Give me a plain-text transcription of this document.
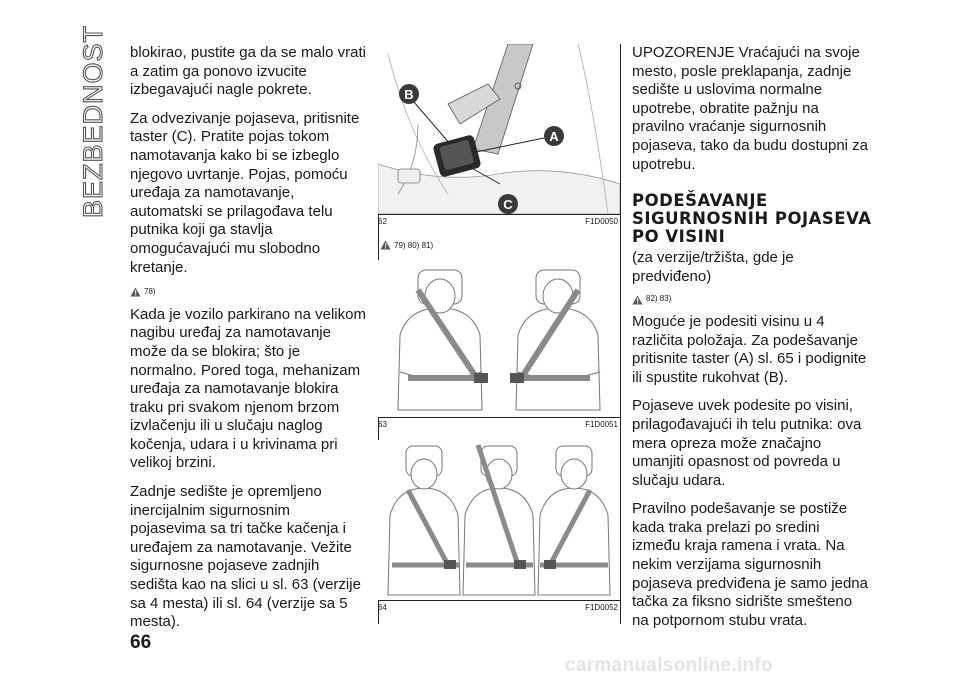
BEZBEDNOST blokirao, pustite ga da se malo vrati a zatim ga ponovo izvucite izbegavajući nagle pokrete.

Za odvezivanje pojaseva, pritisnite taster (C). Pratite pojas tokom namotavanja kako bi se izbeglo njegovo uvrtanje. Pojas, pomoću uređaja za namotavanje, automatski se prilagođava telu putnika koji ga stavlja omogućavajući mu slobodno kretanje.

78)

Kada je vozilo parkirano na velikom nagibu uređaj za namotavanje može da se blokira; što je normalno. Pored toga, mehanizam uređaja za namotavanje blokira traku pri svakom njenom brzom izvlačenju ili u slučaju naglog kočenja, udara i u krivinama pri velikoj brzini.

Zadnje sedište je opremljeno inercijalnim sigurnosnim pojasevima sa tri tačke kačenja i uređajem za namotavanje. Vežite sigurnosne pojaseve zadnjih sedišta kao na slici u sl. 63 (verzije sa 4 mesta) ili sl. 64 (verzije sa 5 mesta).

B
A
C
62	F1D0050
79) 80) 81)
63	F1D0051
64	F1D0052

UPOZORENJE Vraćajući na svoje mesto, posle preklapanja, zadnje sedište u uslovima normalne upotrebe, obratite pažnju na pravilno vraćanje sigurnosnih pojaseva, tako da budu dostupni za upotrebu.

PODEŠAVANJE SIGURNOSNIH POJASEVA PO VISINI

(za verzije/tržišta, gde je predviđeno)

82) 83)

Moguće je podesiti visinu u 4 različita položaja. Za podešavanje pritisnite taster (A) sl. 65 i podignite ili spustite rukohvat (B).

Pojaseve uvek podesite po visini, prilagođavajući ih telu putnika: ova mera opreza može značajno umanjiti opasnost od povreda u slučaju udara.

Pravilno podešavanje se postiže kada traka prelazi po sredini između kraja ramena i vrata. Na nekim verzijama sigurnosnih pojaseva predviđena je samo jedna tačka za fiksno sidrište smešteno na potpornom stubu vrata.

66
carmanualsonline.info
